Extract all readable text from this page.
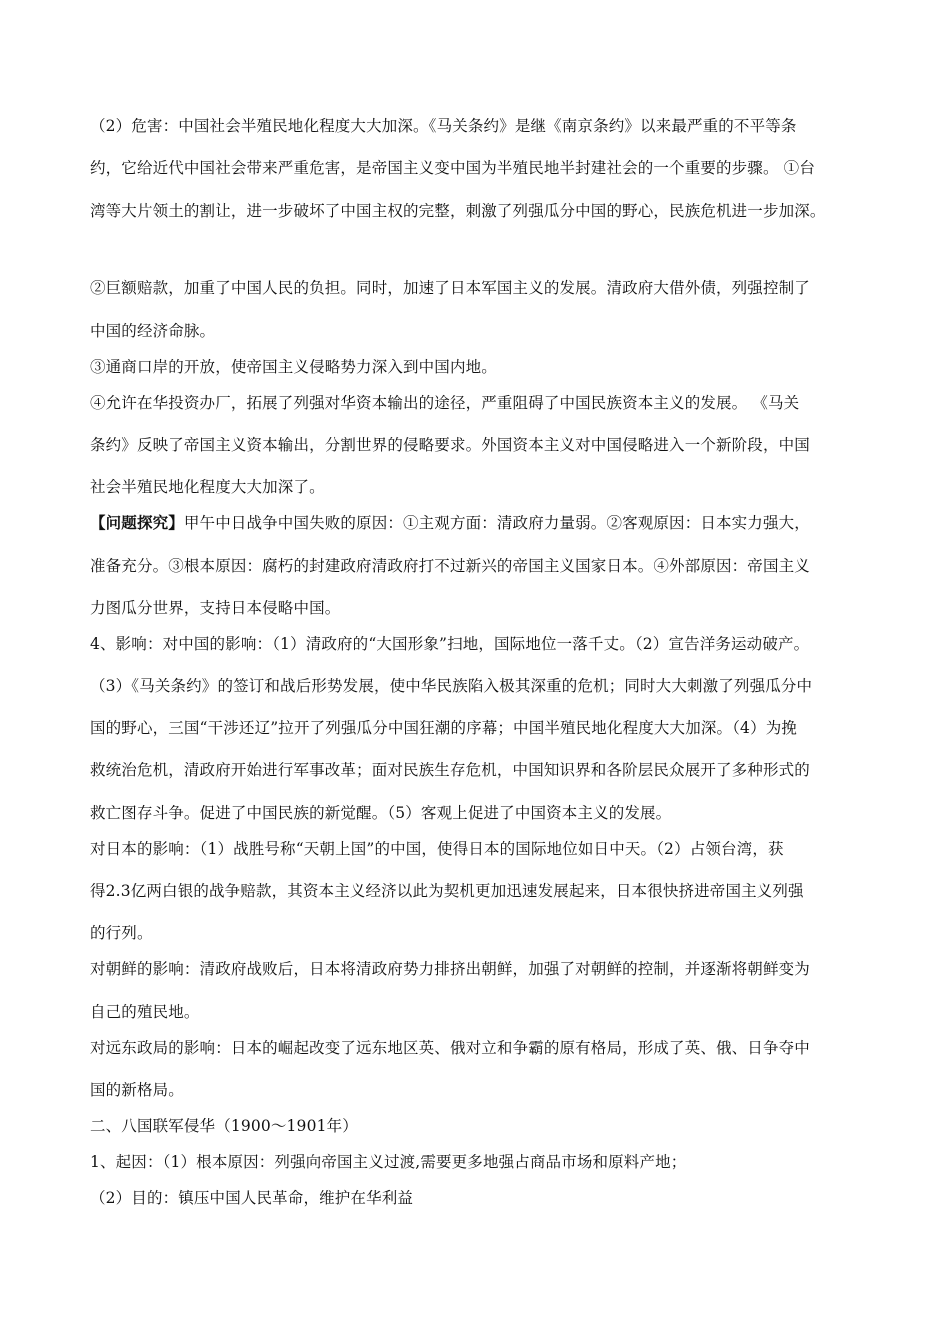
（2）危害：中国社会半殖民地化程度大大加深。《马关条约》是继《南京条约》以来最严重的不平等条
约，它给近代中国社会带来严重危害，是帝国主义变中国为半殖民地半封建社会的一个重要的步骤。 ①台
湾等大片领土的割让，进一步破坏了中国主权的完整，刺激了列强瓜分中国的野心，民族危机进一步加深。
②巨额赔款，加重了中国人民的负担。同时，加速了日本军国主义的发展。清政府大借外债，列强控制了
中国的经济命脉。
③通商口岸的开放，使帝国主义侵略势力深入到中国内地。
④允许在华投资办厂，拓展了列强对华资本输出的途径，严重阻碍了中国民族资本主义的发展。 《马关
条约》反映了帝国主义资本输出，分割世界的侵略要求。外国资本主义对中国侵略进入一个新阶段，中国
社会半殖民地化程度大大加深了。
【问题探究】甲午中日战争中国失败的原因：①主观方面：清政府力量弱。②客观原因：日本实力强大，
准备充分。③根本原因：腐朽的封建政府清政府打不过新兴的帝国主义国家日本。④外部原因：帝国主义
力图瓜分世界，支持日本侵略中国。
4、影响：对中国的影响：（1）清政府的“大国形象”扫地，国际地位一落千丈。（2）宣告洋务运动破产。
（3）《马关条约》的签订和战后形势发展，使中华民族陷入极其深重的危机；同时大大刺激了列强瓜分中
国的野心，三国“干涉还辽”拉开了列强瓜分中国狂潮的序幕；中国半殖民地化程度大大加深。（4）为挽
救统治危机，清政府开始进行军事改革；面对民族生存危机，中国知识界和各阶层民众展开了多种形式的
救亡图存斗争。促进了中国民族的新觉醒。（5）客观上促进了中国资本主义的发展。
对日本的影响：（1）战胜号称“天朝上国”的中国，使得日本的国际地位如日中天。（2）占领台湾，获
得2.3亿两白银的战争赔款，其资本主义经济以此为契机更加迅速发展起来，日本很快挤进帝国主义列强
的行列。
对朝鲜的影响：清政府战败后，日本将清政府势力排挤出朝鲜，加强了对朝鲜的控制，并逐渐将朝鲜变为
自己的殖民地。
对远东政局的影响：日本的崛起改变了远东地区英、俄对立和争霸的原有格局，形成了英、俄、日争夺中
国的新格局。
二、八国联军侵华（1900～1901年）
1、起因：（1）根本原因：列强向帝国主义过渡,需要更多地强占商品市场和原料产地；
（2）目的：镇压中国人民革命，维护在华利益
